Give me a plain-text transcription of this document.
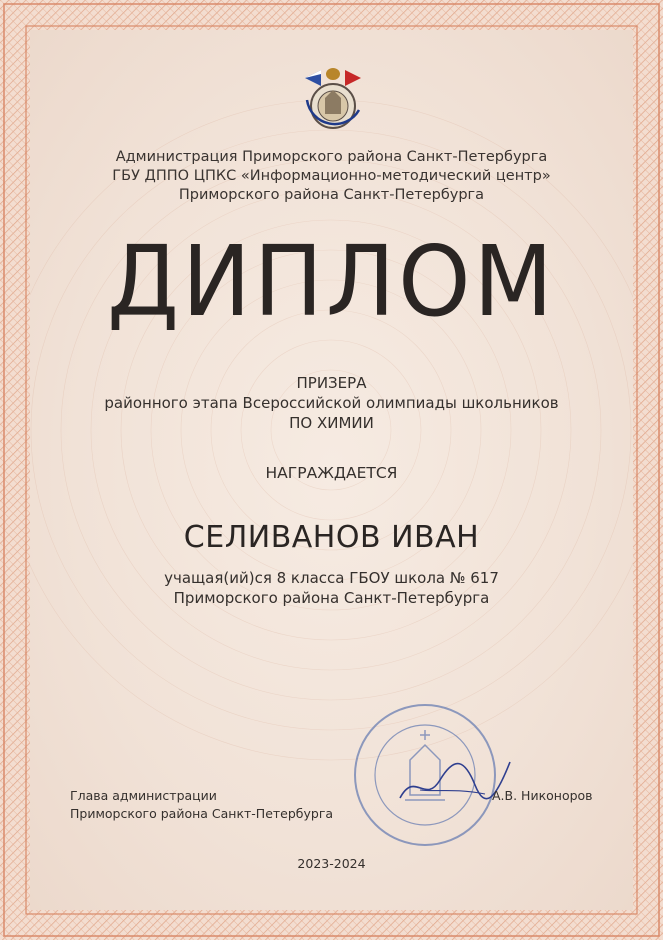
Администрация Приморского района Санкт-Петербурга
ГБУ ДППО ЦПКС «Информационно-методический центр»
Приморского района Санкт-Петербурга
ДИПЛОМ
ПРИЗЕРА
районного этапа Всероссийской олимпиады школьников
ПО ХИМИИ
НАГРАЖДАЕТСЯ
СЕЛИВАНОВ ИВАН
учащая(ий)ся 8 класса ГБОУ школа № 617
Приморского района Санкт-Петербурга
Глава администрации
Приморского района Санкт-Петербурга
А.В. Никоноров
2023-2024
